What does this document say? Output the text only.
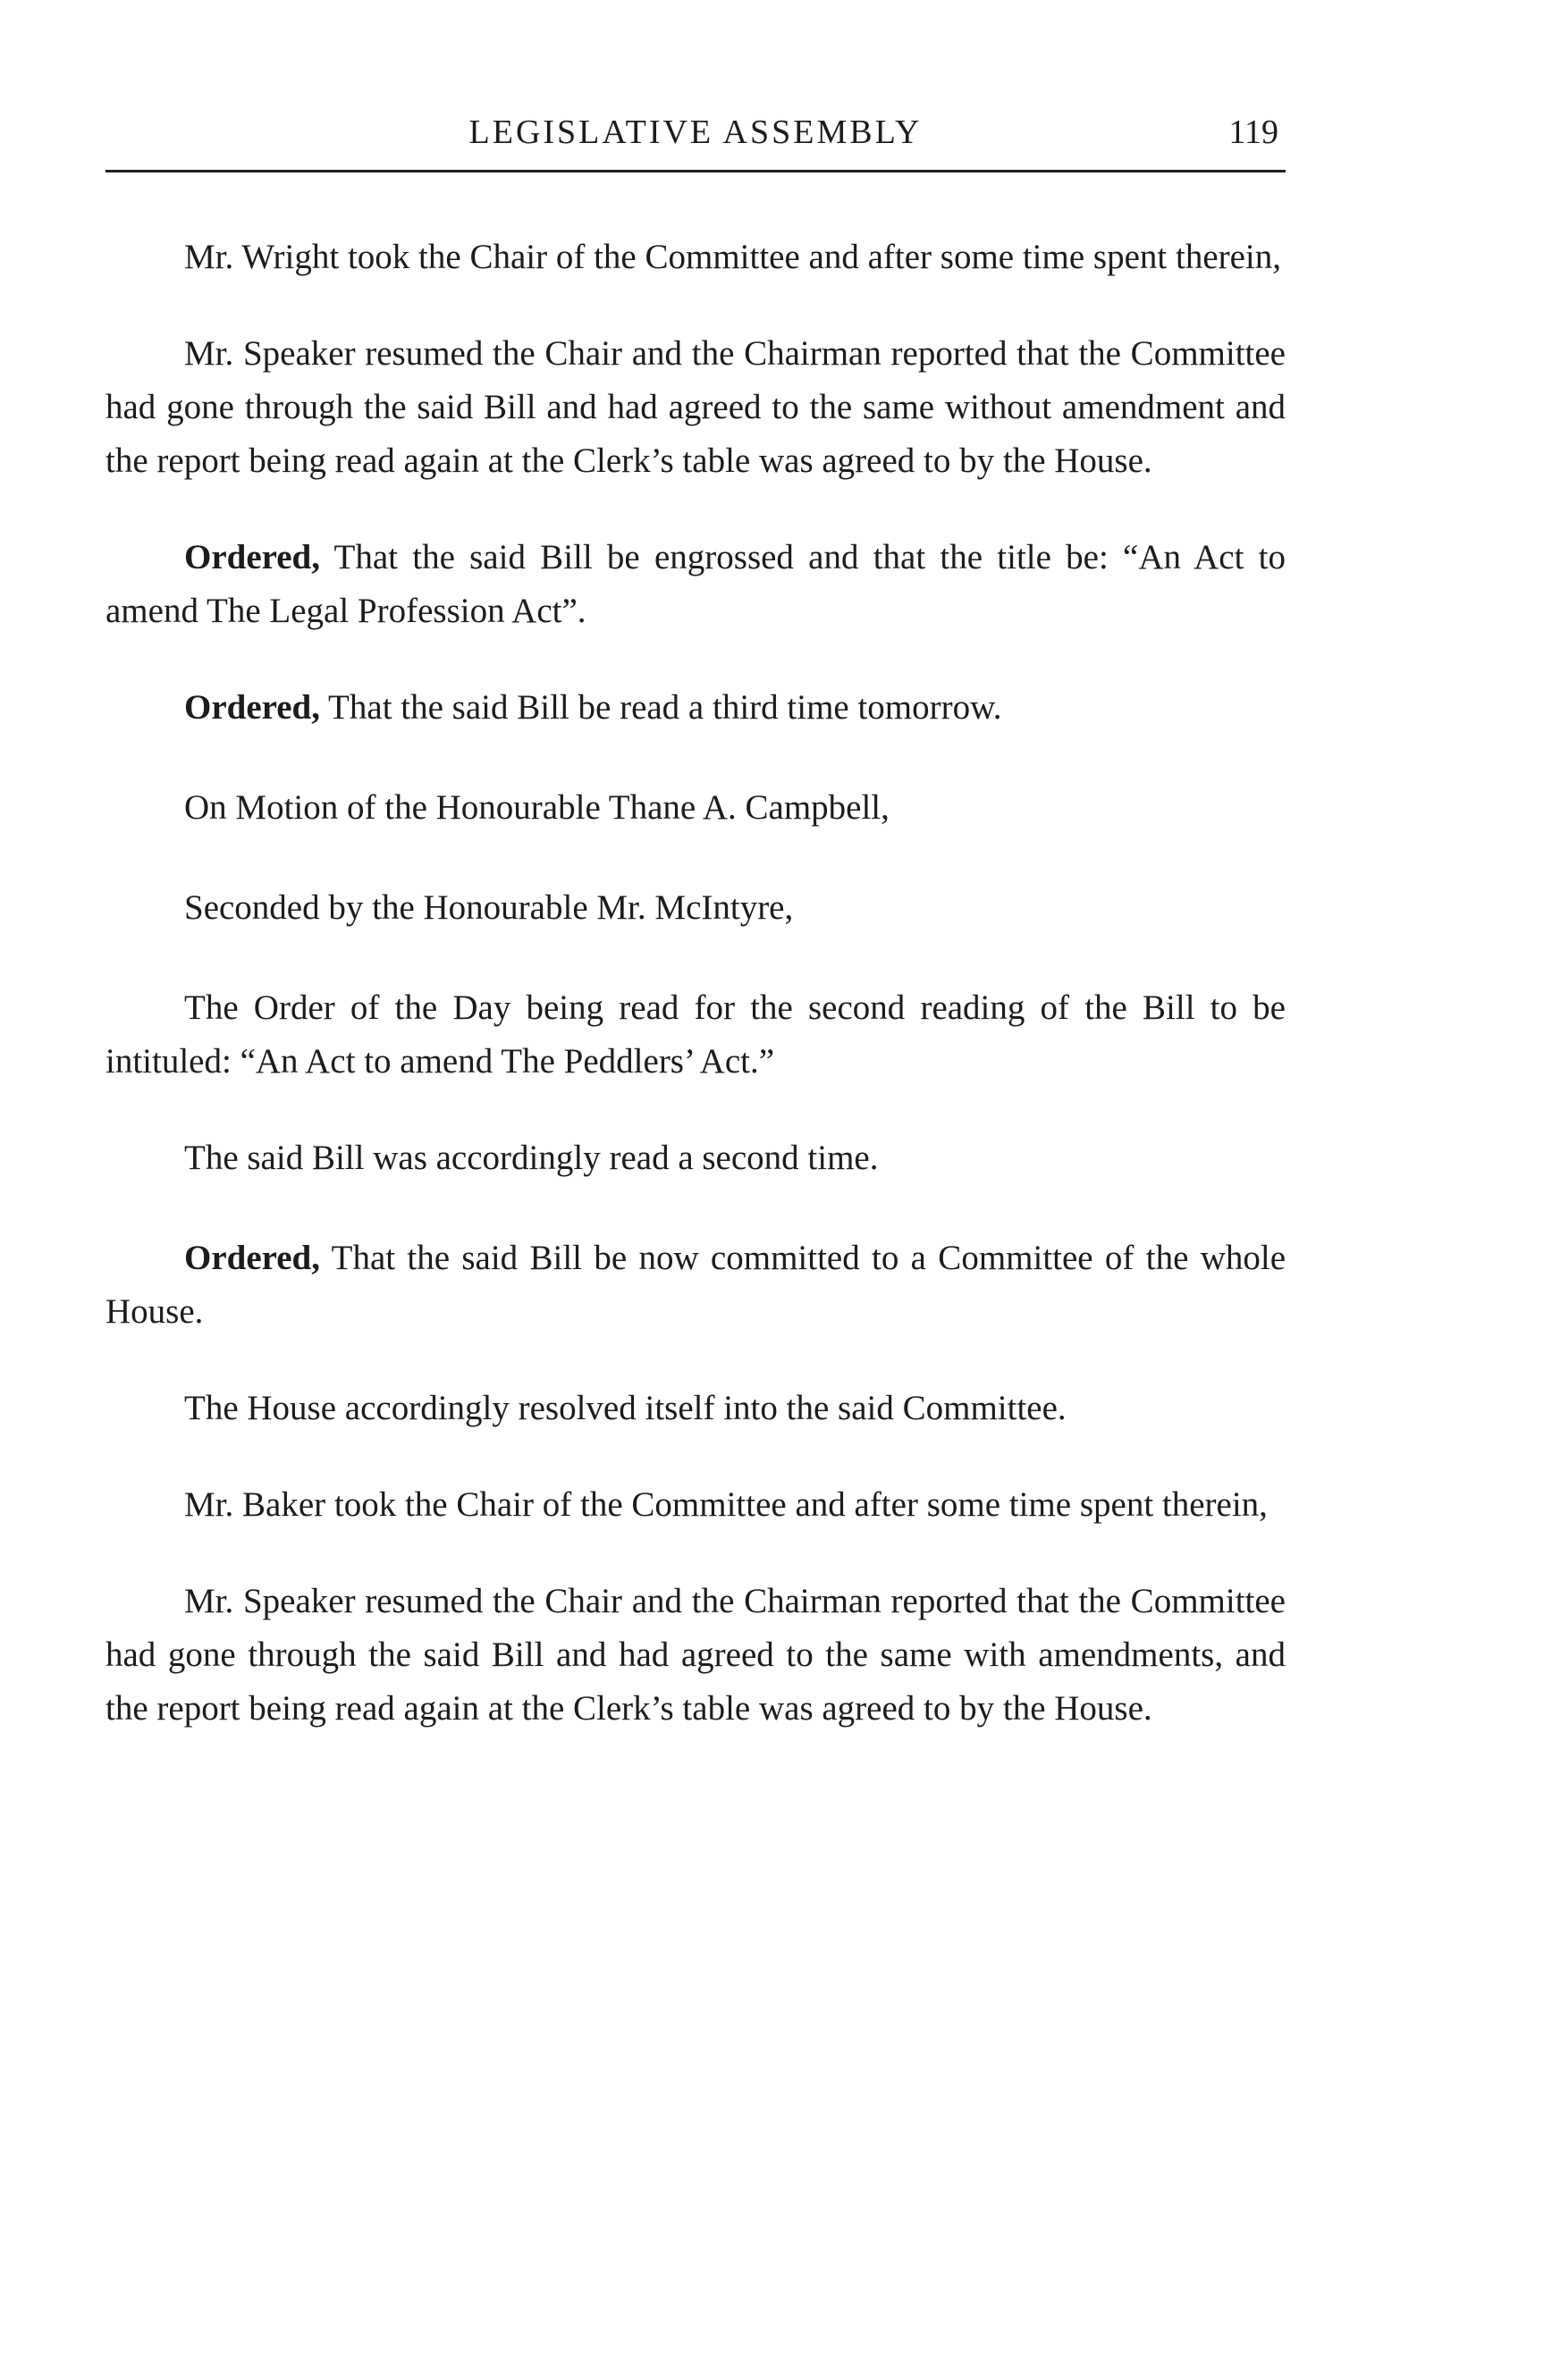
LEGISLATIVE ASSEMBLY	119

Mr. Wright took the Chair of the Committee and after some time spent therein,

Mr. Speaker resumed the Chair and the Chairman reported that the Committee had gone through the said Bill and had agreed to the same without amendment and the report being read again at the Clerk’s table was agreed to by the House.

Ordered, That the said Bill be engrossed and that the title be: “An Act to amend The Legal Profession Act”.

Ordered, That the said Bill be read a third time tomorrow.

On Motion of the Honourable Thane A. Campbell,

Seconded by the Honourable Mr. McIntyre,

The Order of the Day being read for the second reading of the Bill to be intituled: “An Act to amend The Peddlers’ Act.”

The said Bill was accordingly read a second time.

Ordered, That the said Bill be now committed to a Committee of the whole House.

The House accordingly resolved itself into the said Committee.

Mr. Baker took the Chair of the Committee and after some time spent therein,

Mr. Speaker resumed the Chair and the Chairman reported that the Committee had gone through the said Bill and had agreed to the same with amendments, and the report being read again at the Clerk’s table was agreed to by the House.
